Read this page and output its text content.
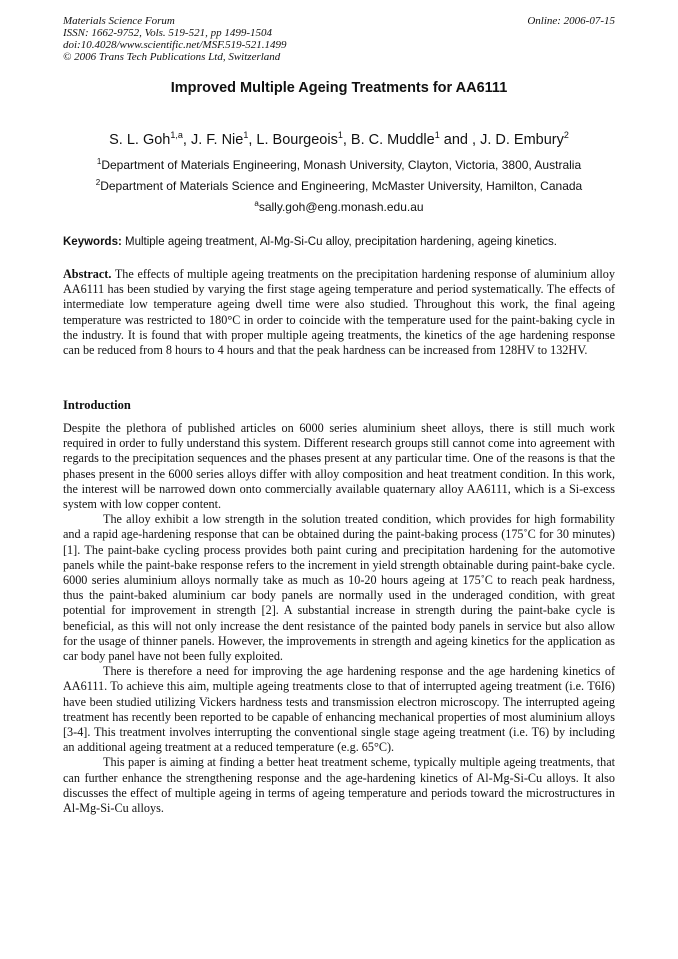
Materials Science Forum
ISSN: 1662-9752, Vols. 519-521, pp 1499-1504
doi:10.4028/www.scientific.net/MSF.519-521.1499
© 2006 Trans Tech Publications Ltd, Switzerland
Online: 2006-07-15
Improved Multiple Ageing Treatments for AA6111
S. L. Goh$^{1,a}$, J. F. Nie$^1$, L. Bourgeois$^1$, B. C. Muddle$^1$ and , J. D. Embury$^2$
$^1$Department of Materials Engineering, Monash University, Clayton, Victoria, 3800, Australia
$^2$Department of Materials Science and Engineering, McMaster University, Hamilton, Canada
$^a$sally.goh@eng.monash.edu.au
Keywords: Multiple ageing treatment, Al-Mg-Si-Cu alloy, precipitation hardening, ageing kinetics.

Abstract. The effects of multiple ageing treatments on the precipitation hardening response of aluminium alloy AA6111 has been studied by varying the first stage ageing temperature and period systematically. The effects of intermediate low temperature ageing dwell time were also studied. Throughout this work, the final ageing temperature was restricted to 180°C in order to coincide with the temperature used for the paint-baking cycle in the industry. It is found that with proper multiple ageing treatments, the kinetics of the age hardening response can be reduced from 8 hours to 4 hours and that the peak hardness can be increased from 128HV to 132HV.

Introduction

Despite the plethora of published articles on 6000 series aluminium sheet alloys, there is still much work required in order to fully understand this system. Different research groups still cannot come into agreement with regards to the precipitation sequences and the phases present at any particular time. One of the reasons is that the phases present in the 6000 series alloys differ with alloy composition and heat treatment condition. In this work, the interest will be narrowed down onto commercially available quaternary alloy AA6111, which is a Si-excess system with low copper content.

The alloy exhibit a low strength in the solution treated condition, which provides for high formability and a rapid age-hardening response that can be obtained during the paint-baking process (175˚C for 30 minutes) [1]. The paint-bake cycling process provides both paint curing and precipitation hardening for the automotive panels while the paint-bake response refers to the increment in yield strength obtainable during paint-bake cycle. 6000 series aluminium alloys normally take as much as 10-20 hours ageing at 175˚C to reach peak hardness, thus the paint-baked aluminium car body panels are normally used in the underaged condition, with great potential for improvement in strength [2]. A substantial increase in strength during the paint-bake cycle is beneficial, as this will not only increase the dent resistance of the painted body panels in service but also allow for the usage of thinner panels. However, the improvements in strength and ageing kinetics for the application as car body panel have not been fully exploited.

There is therefore a need for improving the age hardening response and the age hardening kinetics of AA6111. To achieve this aim, multiple ageing treatments close to that of interrupted ageing treatment (i.e. T6I6) have been studied utilizing Vickers hardness tests and transmission electron microscopy. The interrupted ageing treatment has recently been reported to be capable of enhancing mechanical properties of most aluminium alloys [3-4]. This treatment involves interrupting the conventional single stage ageing treatment (i.e. T6) by including an additional ageing treatment at a reduced temperature (e.g. 65°C).

This paper is aiming at finding a better heat treatment scheme, typically multiple ageing treatments, that can further enhance the strengthening response and the age-hardening kinetics of Al-Mg-Si-Cu alloys. It also discusses the effect of multiple ageing in terms of ageing temperature and periods toward the microstructures in Al-Mg-Si-Cu alloys.
